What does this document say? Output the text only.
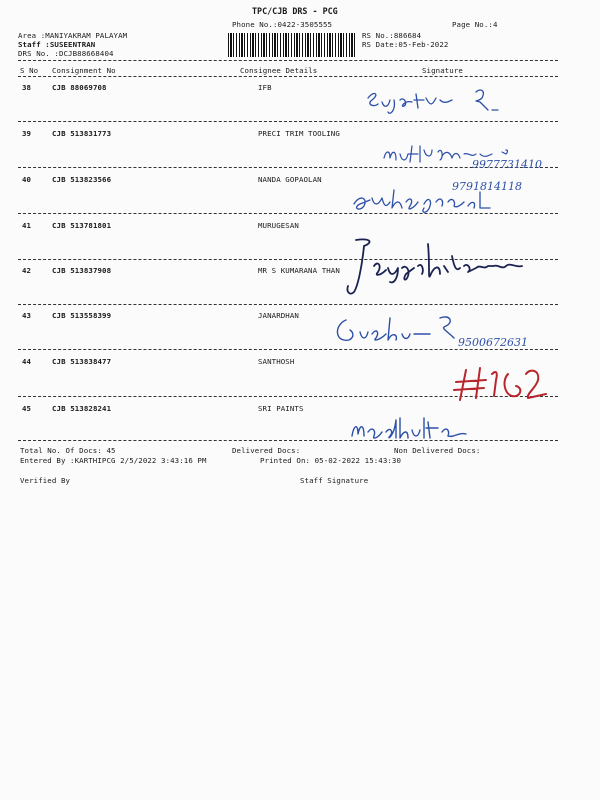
TPC/CJB DRS - PCG
Phone No.:0422-3505555	Page No.:4
Area :MANIYAKRAM PALAYAM
Staff :SUSEENTRAN
DRS No. :DCJB88668404
RS No.:886684
RS Date:05-Feb-2022
S No Consignment No	Consignee Details	Signature
38	CJB 88069708	IFB
39	CJB 513831773	PRECI TRIM TOOLING
40	CJB 513823566	NANDA GOPAOLAN
41	CJB 513781801	MURUGESAN
42	CJB 513837908	MR S KUMARANA THAN
43	CJB 513558399	JANARDHAN
44	CJB 513838477	SANTHOSH
45	CJB 513828241	SRI PAINTS
9977731410
9791814118
9500672631
Total No. Of Docs: 45	Delivered Docs:	Non Delivered Docs:
Entered By :KARTHIPCG 2/5/2022 3:43:16 PM	Printed On: 05-02-2022 15:43:30
Verified By	Staff Signature
